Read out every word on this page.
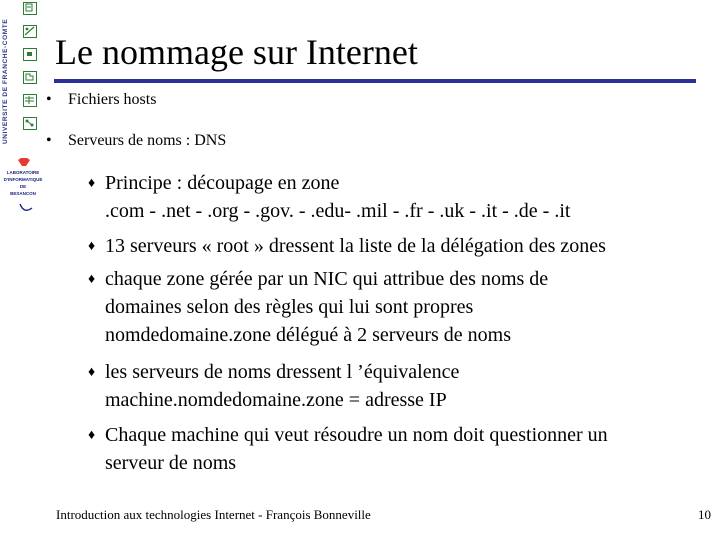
UNIVERSITE DE FRANCHE-COMTE
LABORATOIRE
D'INFORMATIQUE
DE
BESANCON
Le nommage sur Internet
• Fichiers hosts
• Serveurs de noms : DNS
♦ Principe : découpage en zone
.com - .net - .org - .gov. - .edu- .mil - .fr - .uk - .it - .de - .it
♦ 13 serveurs « root » dressent la liste de la délégation des zones
♦ chaque zone gérée par un NIC qui attribue des noms de
domaines selon des règles qui lui sont propres
nomdedomaine.zone délégué à 2 serveurs de noms
♦ les serveurs de noms dressent l ’équivalence
machine.nomdedomaine.zone = adresse IP
♦ Chaque machine qui veut résoudre un nom doit questionner un
serveur de noms
Introduction aux technologies Internet - François Bonneville	10
